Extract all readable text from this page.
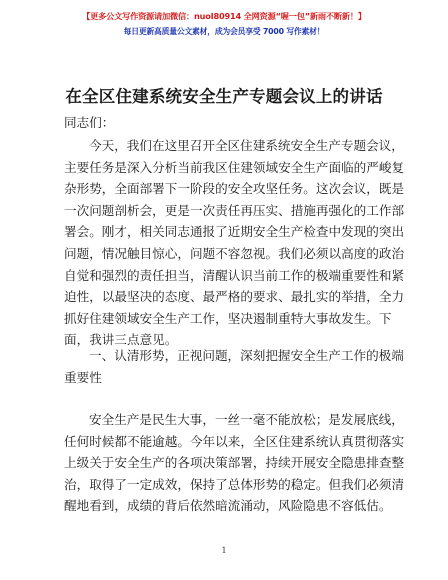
【更多公文写作资源请加微信：nuoI80914 全网资源“喔一包”新雨不断新！】
每日更新高质量公文素材，成为会员享受 7000 写作素材！
在全区住建系统安全生产专题会议上的讲话
同志们：
今天，我们在这里召开全区住建系统安全生产专题会议，
主要任务是深入分析当前我区住建领域安全生产面临的严峻复
杂形势，全面部署下一阶段的安全攻坚任务。这次会议，既是
一次问题剖析会，更是一次责任再压实、措施再强化的工作部
署会。刚才，相关同志通报了近期安全生产检查中发现的突出
问题，情况触目惊心，问题不容忽视。我们必须以高度的政治
自觉和强烈的责任担当，清醒认识当前工作的极端重要性和紧
迫性，以最坚决的态度、最严格的要求、最扎实的举措，全力
抓好住建领域安全生产工作，坚决遏制重特大事故发生。下
面，我讲三点意见。
一、认清形势，正视问题，深刻把握安全生产工作的极端
重要性
安全生产是民生大事，一丝一毫不能放松；是发展底线，
任何时候都不能逾越。今年以来，全区住建系统认真贯彻落实
上级关于安全生产的各项决策部署，持续开展安全隐患排查整
治，取得了一定成效，保持了总体形势的稳定。但我们必须清
醒地看到，成绩的背后依然暗流涌动，风险隐患不容低估。
1
